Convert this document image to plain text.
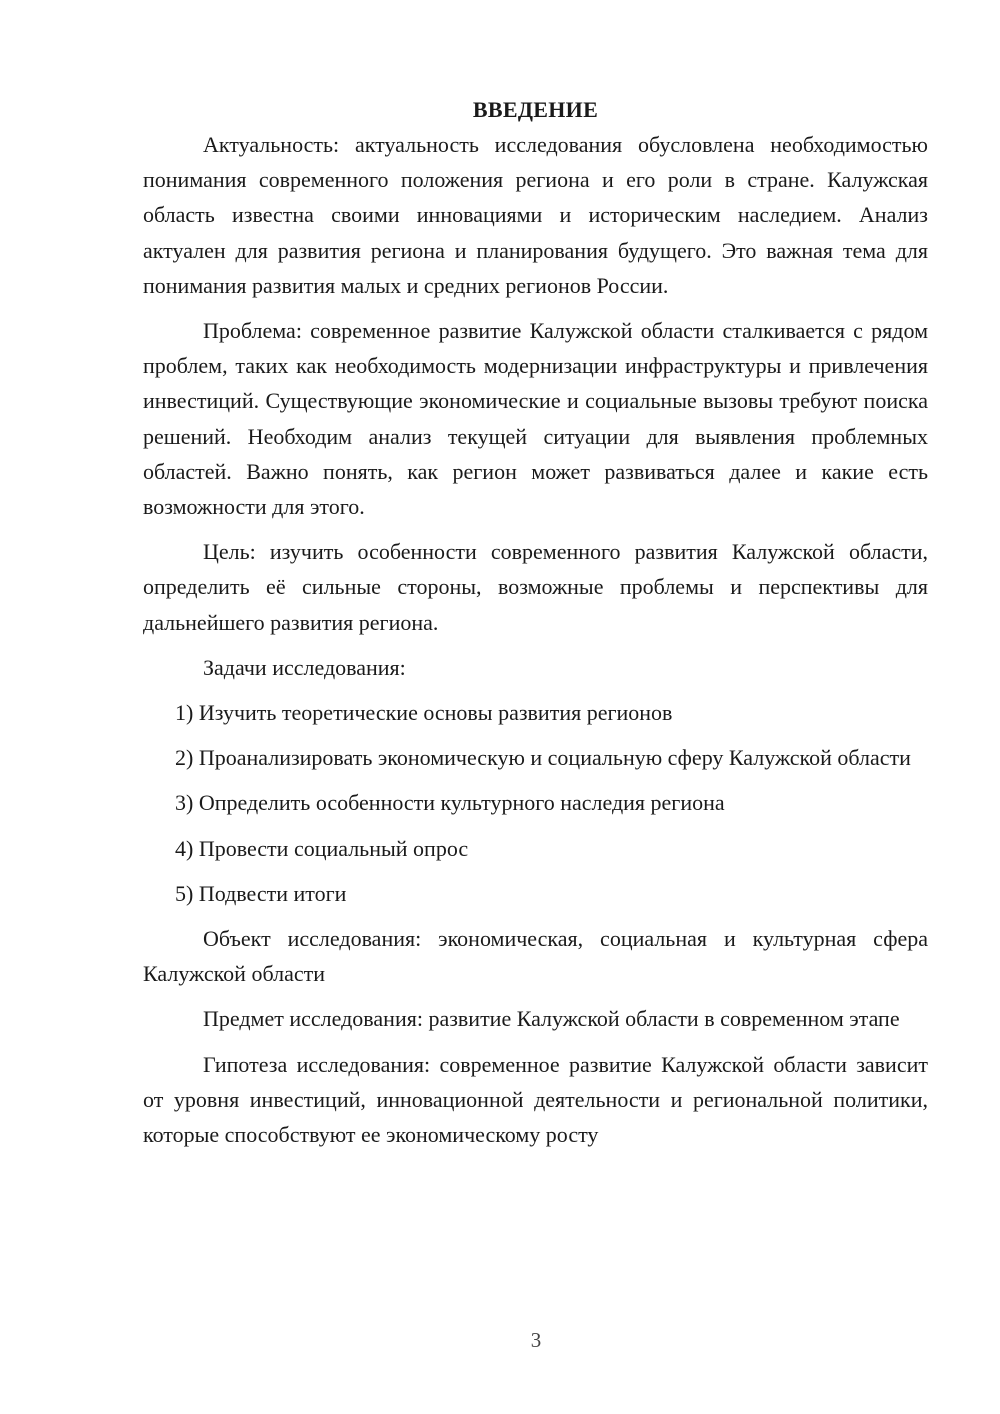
ВВЕДЕНИЕ

Актуальность: актуальность исследования обусловлена необходимостью понимания современного положения региона и его роли в стране. Калужская область известна своими инновациями и историческим наследием. Анализ актуален для развития региона и планирования будущего. Это важная тема для понимания развития малых и средних регионов России.

Проблема: современное развитие Калужской области сталкивается с рядом проблем, таких как необходимость модернизации инфраструктуры и привлечения инвестиций. Существующие экономические и социальные вызовы требуют поиска решений. Необходим анализ текущей ситуации для выявления проблемных областей. Важно понять, как регион может развиваться далее и какие есть возможности для этого.

Цель: изучить особенности современного развития Калужской области, определить её сильные стороны, возможные проблемы и перспективы для дальнейшего развития региона.

Задачи исследования:

1) Изучить теоретические основы развития регионов

2) Проанализировать экономическую и социальную сферу Калужской области

3) Определить особенности культурного наследия региона

4) Провести социальный опрос

5) Подвести итоги

Объект исследования: экономическая, социальная и культурная сфера Калужской области

Предмет исследования: развитие Калужской области в современном этапе

Гипотеза исследования: современное развитие Калужской области зависит от уровня инвестиций, инновационной деятельности и региональной политики, которые способствуют ее экономическому росту

3
